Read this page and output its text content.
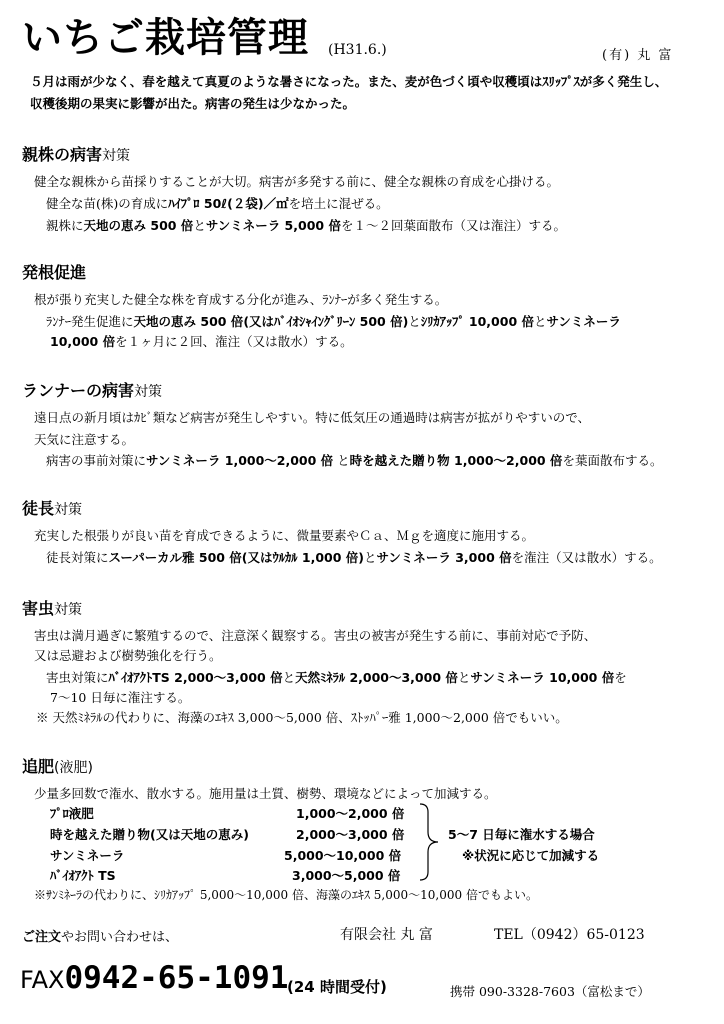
いちご栽培管理 (H31.6.)	(有) 丸 富
５月は雨が少なく、春を越えて真夏のような暑さになった。また、麦が色づく頃や収穫頃はｽﾘｯﾌﾟｽが多く発生し、
収穫後期の果実に影響が出た。病害の発生は少なかった。
親株の病害対策
健全な親株から苗採りすることが大切。病害が多発する前に、健全な親株の育成を心掛ける。
健全な苗(株)の育成にﾊｲﾌﾟﾛ 50ℓ(２袋)／㎡を培土に混ぜる。
親株に天地の恵み 500 倍とサンミネーラ 5,000 倍を１～２回葉面散布（又は潅注）する。
発根促進
根が張り充実した健全な株を育成する分化が進み、ﾗﾝﾅｰが多く発生する。
ﾗﾝﾅｰ発生促進に天地の恵み 500 倍(又はﾊﾞｲｵｼｬｲﾝｸﾞﾘｰﾝ 500 倍)とｼﾘｶｱｯﾌﾟ 10,000 倍とサンミネーラ
10,000 倍を１ヶ月に２回、潅注（又は散水）する。
ランナーの病害対策
遠日点の新月頃はｶﾋﾞ類など病害が発生しやすい。特に低気圧の通過時は病害が拡がりやすいので、
天気に注意する。
病害の事前対策にサンミネーラ 1,000～2,000 倍 と時を越えた贈り物 1,000～2,000 倍を葉面散布する。
徒長対策
充実した根張りが良い苗を育成できるように、微量要素やＣａ、Ｍｇを適度に施用する。
徒長対策にスーパーカル雅 500 倍(又はｳﾙｶﾙ 1,000 倍)とサンミネーラ 3,000 倍を潅注（又は散水）する。
害虫対策
害虫は満月過ぎに繁殖するので、注意深く観察する。害虫の被害が発生する前に、事前対応で予防、
又は忌避および樹勢強化を行う。
害虫対策にﾊﾞｲｵｱｸﾄTS 2,000～3,000 倍と天然ﾐﾈﾗﾙ 2,000～3,000 倍とサンミネーラ 10,000 倍を
7～10 日毎に潅注する。
※ 天然ﾐﾈﾗﾙの代わりに、海藻のｴｷｽ 3,000～5,000 倍、ｽﾄｯﾊﾟｰ雅 1,000～2,000 倍でもいい。
追肥(液肥)
少量多回数で潅水、散水する。施用量は土質、樹勢、環境などによって加減する。
ﾌﾟﾛ液肥	1,000～2,000 倍
時を越えた贈り物(又は天地の恵み)	2,000～3,000 倍
サンミネーラ	5,000～10,000 倍
ﾊﾞｲｵｱｸﾄ TS	3,000～5,000 倍
5～7 日毎に潅水する場合
※状況に応じて加減する
※ｻﾝﾐﾈｰﾗの代わりに、ｼﾘｶｱｯﾌﾟ 5,000～10,000 倍、海藻のｴｷｽ 5,000～10,000 倍でもよい。
ご注文やお問い合わせは、	有限会社 丸 富	TEL（0942）65-0123
FAX0942-65-1091
(24 時間受付)	携帯 090-3328-7603（富松まで）
